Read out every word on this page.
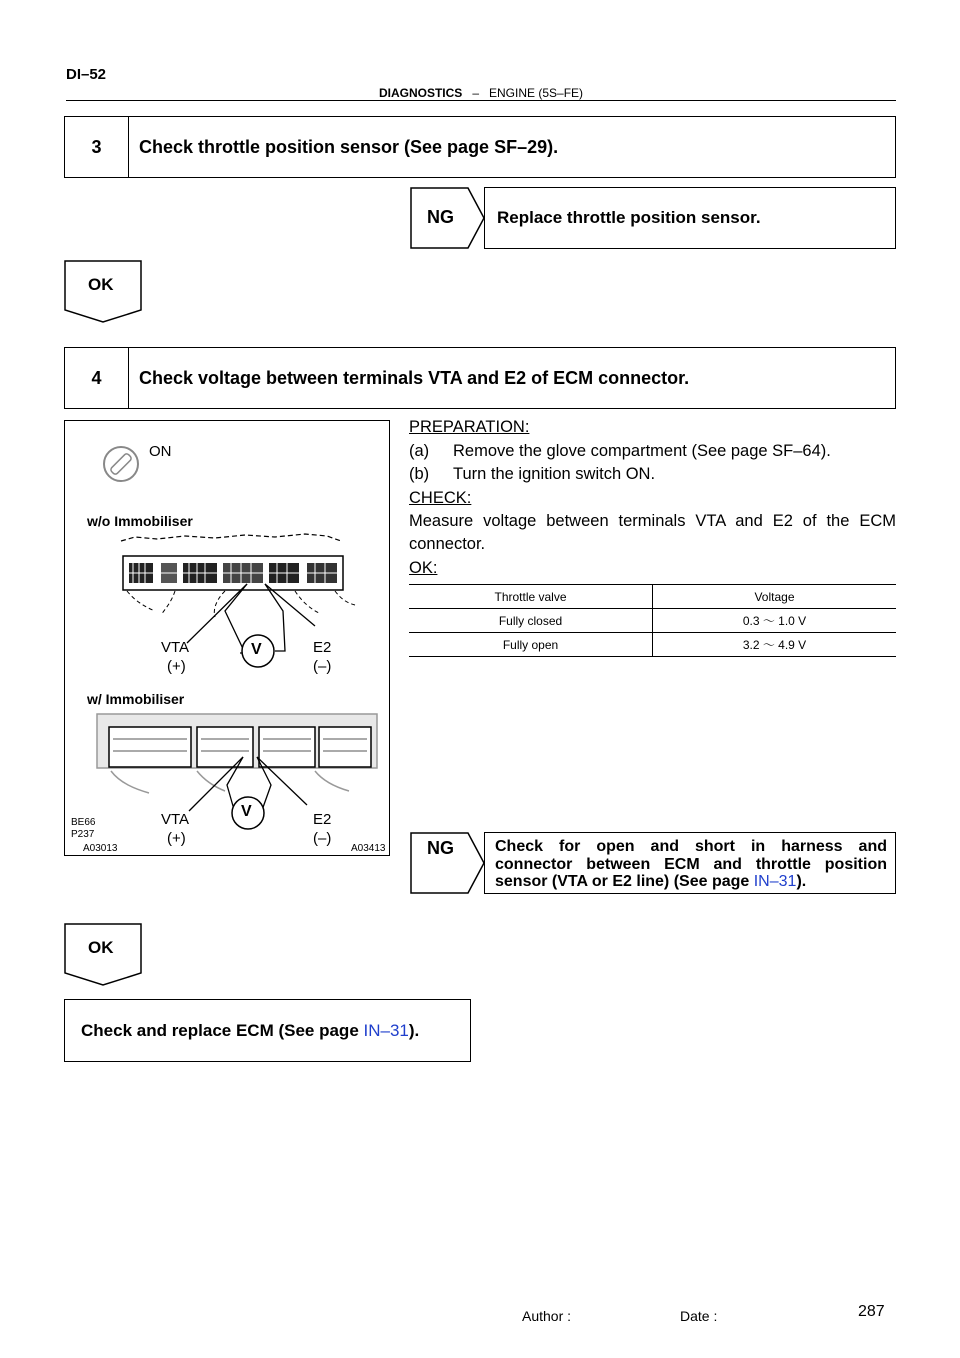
DI–52
DIAGNOSTICS – ENGINE (5S–FE)
3	Check throttle position sensor (See page SF–29).
NG	Replace throttle position sensor.
OK
4	Check voltage between terminals VTA and E2 of ECM connector.
ON
w/o Immobiliser
w/ Immobiliser
V
VTA
(+)
E2
(–)
V
VTA
(+)
E2
(–)
BE66
P237
A03013	A03413
PREPARATION:
(a) Remove the glove compartment (See page SF–64).
(b) Turn the ignition switch ON.
CHECK:
Measure voltage between terminals VTA and E2 of the ECM connector.
OK:
Throttle valve	Voltage
Fully closed	0.3 ～ 1.0 V
Fully open	3.2 ～ 4.9 V
NG	Check for open and short in harness and connector between ECM and throttle position sensor (VTA or E2 line) (See page IN–31).
OK
Check and replace ECM (See page
IN–31 ).
Author :	Date :	287
